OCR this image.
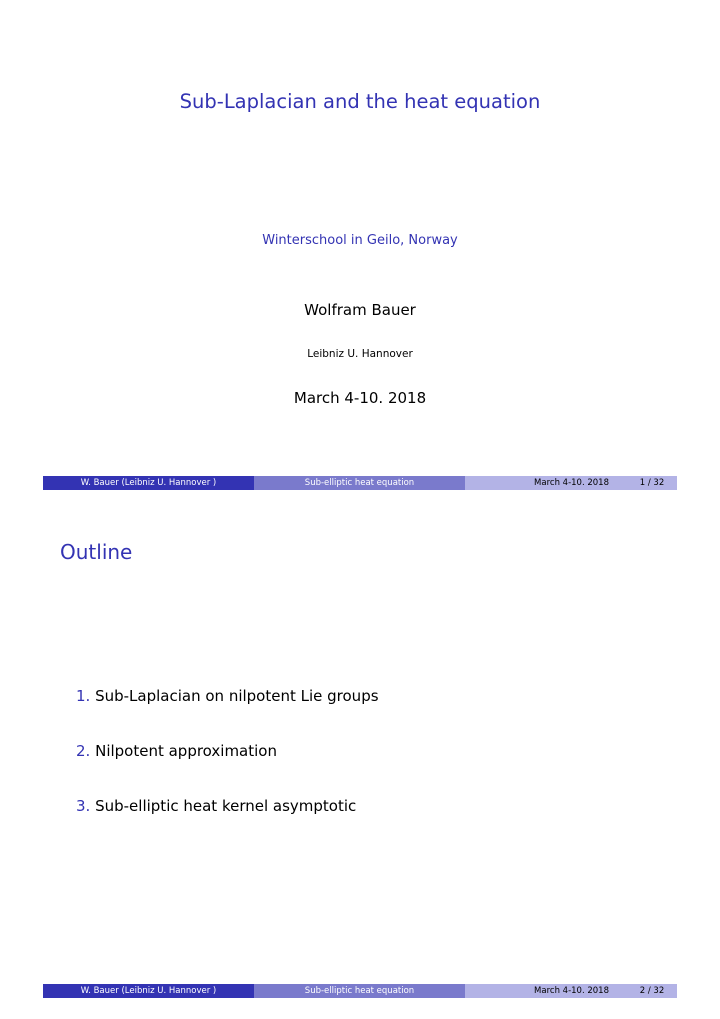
Sub-Laplacian and the heat equation
Winterschool in Geilo, Norway
Wolfram Bauer
Leibniz U. Hannover
March 4-10. 2018
W. Bauer (Leibniz U. Hannover )	Sub-elliptic heat equation	March 4-10. 2018	1 / 32
Outline
1. Sub-Laplacian on nilpotent Lie groups
2. Nilpotent approximation
3. Sub-elliptic heat kernel asymptotic
W. Bauer (Leibniz U. Hannover )	Sub-elliptic heat equation	March 4-10. 2018	2 / 32
